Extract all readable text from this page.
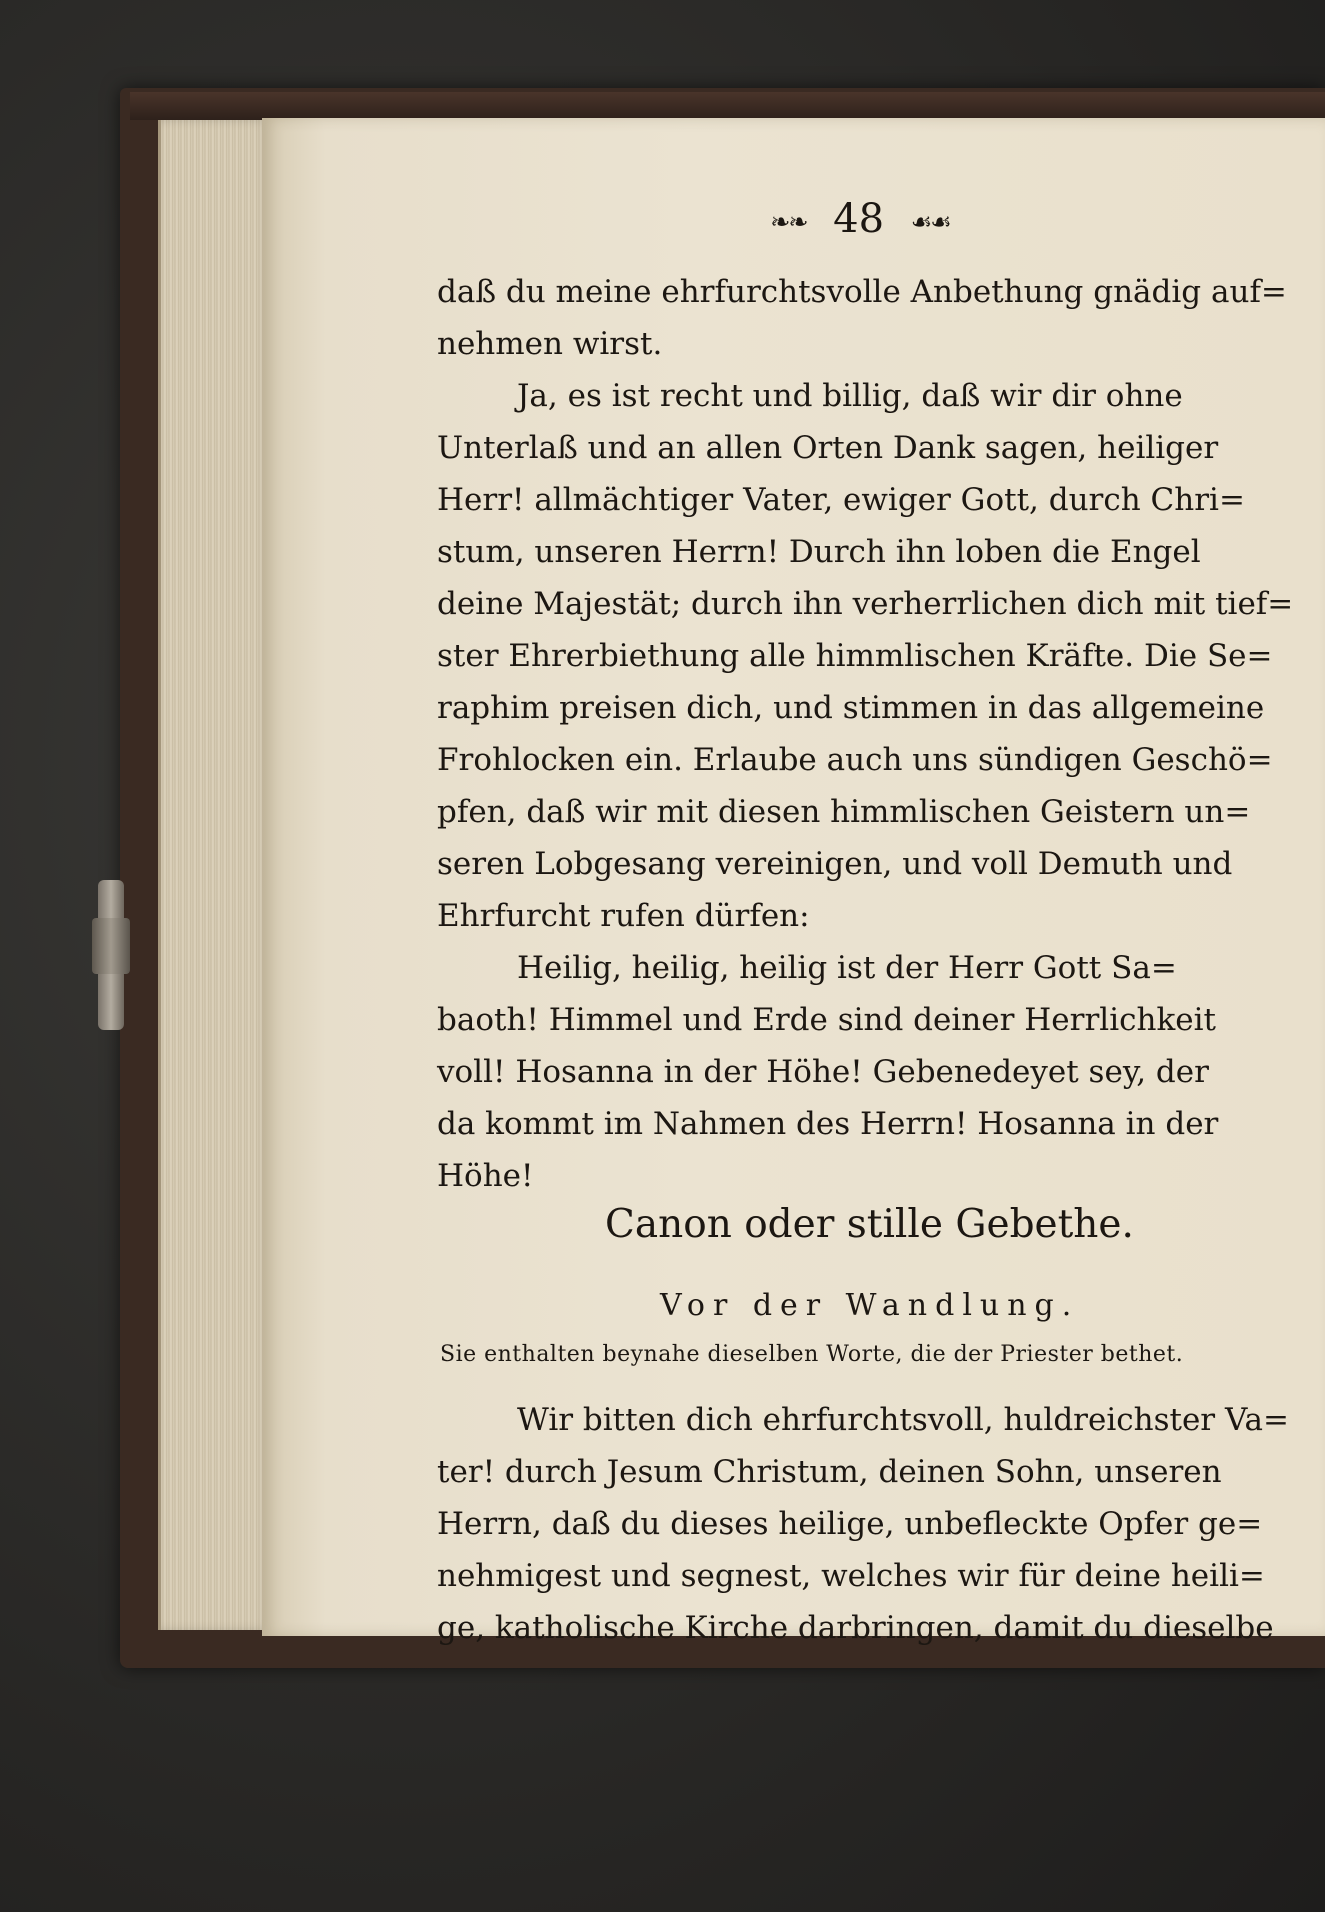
❧❧ 48 ☙☙
daß du meine ehrfurchtsvolle Anbethung gnädig auf=
nehmen wirst.
Ja, es ist recht und billig, daß wir dir ohne
Unterlaß und an allen Orten Dank sagen, heiliger
Herr! allmächtiger Vater, ewiger Gott, durch Chri=
stum, unseren Herrn! Durch ihn loben die Engel
deine Majestät; durch ihn verherrlichen dich mit tief=
ster Ehrerbiethung alle himmlischen Kräfte. Die Se=
raphim preisen dich, und stimmen in das allgemeine
Frohlocken ein. Erlaube auch uns sündigen Geschö=
pfen, daß wir mit diesen himmlischen Geistern un=
seren Lobgesang vereinigen, und voll Demuth und
Ehrfurcht rufen dürfen:
Heilig, heilig, heilig ist der Herr Gott Sa=
baoth! Himmel und Erde sind deiner Herrlichkeit
voll! Hosanna in der Höhe! Gebenedeyet sey, der
da kommt im Nahmen des Herrn! Hosanna in der
Höhe!
Canon oder stille Gebethe.
Vor der Wandlung.
Sie enthalten beynahe dieselben Worte, die der Priester bethet.
Wir bitten dich ehrfurchtsvoll, huldreichster Va=
ter! durch Jesum Christum, deinen Sohn, unseren
Herrn, daß du dieses heilige, unbefleckte Opfer ge=
nehmigest und segnest, welches wir für deine heili=
ge, katholische Kirche darbringen, damit du dieselbe
